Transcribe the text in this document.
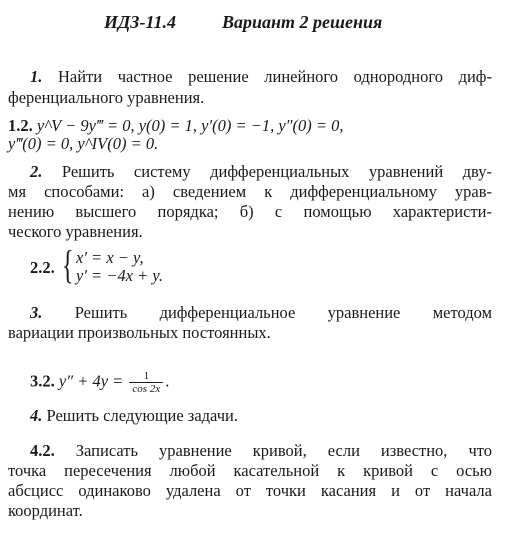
ИДЗ-11.4	Вариант 2 решения
1. Найти частное решение линейного однородного диф-
ференциального уравнения.
1.2. y^V − 9y‴ = 0, y(0) = 1, y′(0) = −1, y″(0) = 0,
y‴(0) = 0, y^IV(0) = 0.
2. Решить систему дифференциальных уравнений дву-
мя способами: а) сведением к дифференциальному урав-
нению высшего порядка; б) с помощью характеристи-
ческого уравнения.
2.2. { x′ = x − y,
y′ = −4x + y.
3. Решить дифференциальное уравнение методом
вариации произвольных постоянных.
3.2. $y'' + 4y = \frac{1}{\cos 2x}$ .
4. Решить следующие задачи.
4.2. Записать уравнение кривой, если известно, что
точка пересечения любой касательной к кривой с осью
абсцисс одинаково удалена от точки касания и от начала
координат.
